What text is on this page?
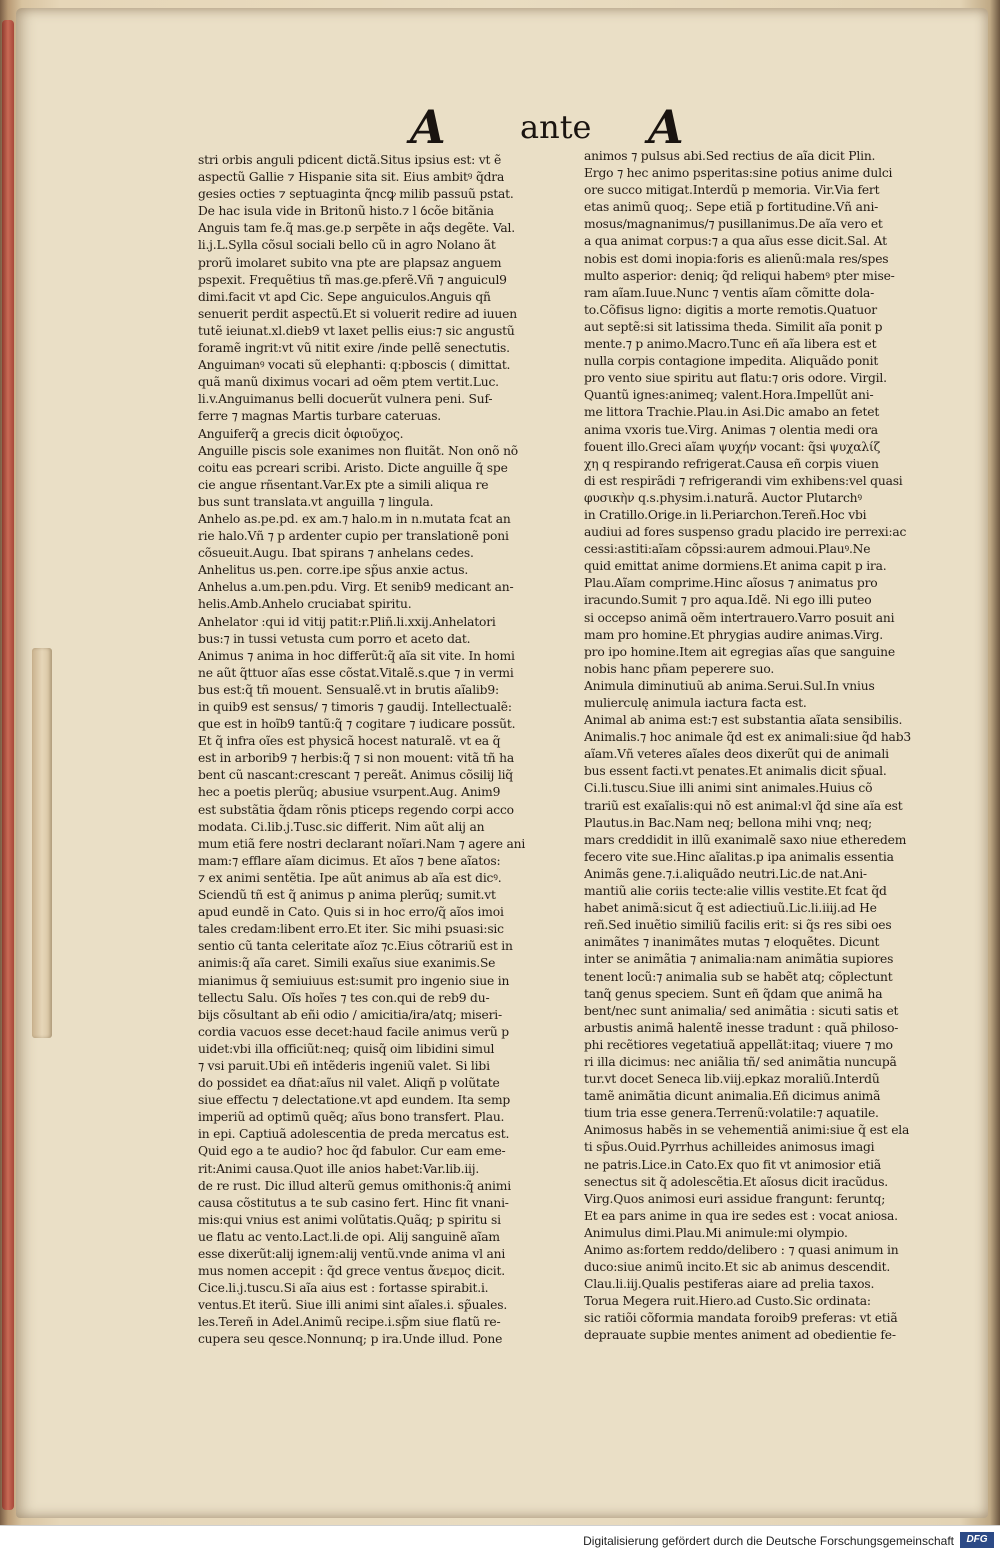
A ante A
stri orbis anguli pdicent dictã.Situs ipsius est: vt ẽ
aspectũ Gallie ⁊ Hispanie sita sit. Eius ambitꝰ q̃dra
gesies octies ⁊ septuaginta q̃ncꝙ milib passuũ pstat.
De hac isula vide in Britonũ histo.⁊ l ỽcõe bitãnia
Anguis tam fe.q̃ mas.ge.p serpẽte in aq̃s degẽte. Val.
li.j.L.Sylla cõsul sociali bello cũ in agro Nolano ãt
prorũ imolaret subito vna pte are plapsaz anguem
pspexit. Frequẽtius tñ mas.ge.pferẽ.Vñ ⁊ anguicul9
dimi.facit vt apd Cic. Sepe anguiculos.Anguis qñ
senuerit perdit aspectũ.Et si voluerit redire ad iuuen
tutẽ ieiunat.xl.dieb9 vt laxet pellis eius:⁊ sic angustũ
foramẽ ingrit:vt vũ nitit exire /inde pellẽ senectutis.
Anguimanꝰ vocati sũ elephanti: q:pboscis ( dimittat.
quã manũ diximus vocari ad oẽm ptem vertit.Luc.
li.v.Anguimanus belli docuerũt vulnera peni. Suf-
ferre ⁊ magnas Martis turbare cateruas.
Anguiferq̃ a grecis dicit ὀφιοῦχος.
Anguille piscis sole exanimes non fluitãt. Non onõ nõ
coitu eas pcreari scribi. Aristo. Dicte anguille q̃ spe
cie angue rñsentant.Var.Ex pte a simili aliqua re
bus sunt translata.vt anguilla ⁊ lingula.
Anhelo as.pe.pd. ex am.⁊ halo.m in n.mutata fcat an
rie halo.Vñ ⁊ p ardenter cupio per translationẽ poni
cõsueuit.Augu. Ibat spirans ⁊ anhelans cedes.
Anhelitus us.pen. corre.ipe sp̃us anxie actus.
Anhelus a.um.pen.pdu. Virg. Et senib9 medicant an-
helis.Amb.Anhelo cruciabat spiritu.
Anhelator :qui id vitij patit:r.Pliñ.li.xxij.Anhelatori
bus:⁊ in tussi vetusta cum porro et aceto dat.
Animus ⁊ anima in hoc differũt:q̃ aĩa sit vite. In homi
ne aũt q̃ttuor aĩas esse cõstat.Vitalẽ.s.que ⁊ in vermi
bus est:q̃ tñ mouent. Sensualẽ.vt in brutis aĩalib9:
in quib9 est sensus/ ⁊ timoris ⁊ gaudij. Intellectualẽ:
que est in hoĩb9 tantũ:q̃ ⁊ cogitare ⁊ iudicare possũt.
Et q̃ infra oĩes est physicã hocest naturalẽ. vt ea q̃
est in arborib9 ⁊ herbis:q̃ ⁊ si non mouent: vitã tñ ha
bent cũ nascant:crescant ⁊ pereãt. Animus cõsilij liq̃
hec a poetis plerũq; abusiue vsurpent.Aug. Anim9
est substãtia q̃dam rõnis pticeps regendo corpi acco
modata. Ci.lib.j.Tusc.sic differit. Nim aũt alij an
mum etiã fere nostri declarant noĩari.Nam ⁊ agere ani
mam:⁊ efflare aĩam dicimus. Et aĩos ⁊ bene aĩatos:
⁊ ex animi sentẽtia. Ipe aũt animus ab aĩa est dicꝰ.
Sciendũ tñ est q̃ animus p anima plerũq; sumit.vt
apud eundẽ in Cato. Quis si in hoc erro/q̃ aĩos imoi
tales credam:libent erro.Et iter. Sic mihi psuasi:sic
sentio cũ tanta celeritate aĩoz ⁊c.Eius cõtrariũ est in
animis:q̃ aĩa caret. Simili exaĩus siue exanimis.Se
mianimus q̃ semiuiuus est:sumit pro ingenio siue in
tellectu Salu. Oĩs hoĩes ⁊ tes con.qui de reb9 du-
bijs cõsultant ab eñi odio / amicitia/ira/atq; miseri-
cordia vacuos esse decet:haud facile animus verũ p
uidet:vbi illa officiũt:neq; quisq̃ oim libidini simul
⁊ vsi paruit.Ubi eñ intẽderis ingeniũ valet. Si libi
do possidet ea dñat:aĩus nil valet. Aliqñ p volũtate
siue effectu ⁊ delectatione.vt apd eundem. Ita semp
imperiũ ad optimũ quẽq; aĩus bono transfert. Plau.
in epi. Captiuã adolescentia de preda mercatus est.
Quid ego a te audio? hoc q̃d fabulor. Cur eam eme-
rit:Animi causa.Quot ille anios habet:Var.lib.iij.
de re rust. Dic illud alterũ gemus omithonis:q̃ animi
causa cõstitutus a te sub casino fert. Hinc fit vnani-
mis:qui vnius est animi volũtatis.Quãq; p spiritu si
ue flatu ac vento.Lact.li.de opi. Alij sanguinẽ aĩam
esse dixerũt:alij ignem:alij ventũ.vnde anima vl ani
mus nomen accepit : q̃d grece ventus ἄνεμος dicit.
Cice.li.j.tuscu.Si aĩa aius est : fortasse spirabit.i.
ventus.Et iterũ. Siue illi animi sint aĩales.i. sp̃uales.
les.Tereñ in Adel.Animũ recipe.i.sp̃m siue flatũ re-
cupera seu qesce.Nonnunq; p ira.Unde illud. Pone
animos ⁊ pulsus abi.Sed rectius de aĩa dicit Plin.
Ergo ⁊ hec animo psperitas:sine potius anime dulci
ore succo mitigat.Interdũ p memoria. Vir.Via fert
etas animũ quoq;. Sepe etiã p fortitudine.Vñ ani-
mosus/magnanimus/⁊ pusillanimus.De aĩa vero et
a qua animat corpus:⁊ a qua aĩus esse dicit.Sal. At
nobis est domi inopia:foris es alienũ:mala res/spes
multo asperior: deniq; q̃d reliqui habemꝰ pter mise-
ram aĩam.Iuue.Nunc ⁊ ventis aĩam cõmitte dola-
to.Cõfisus ligno: digitis a morte remotis.Quatuor
aut septẽ:si sit latissima theda. Similit aĩa ponit p
mente.⁊ p animo.Macro.Tunc eñ aĩa libera est et
nulla corpis contagione impedita. Aliquãdo ponit
pro vento siue spiritu aut flatu:⁊ oris odore. Virgil.
Quantũ ignes:animeq; valent.Hora.Impellũt ani-
me littora Trachie.Plau.in Asi.Dic amabo an fetet
anima vxoris tue.Virg. Animas ⁊ olentia medi ora
fouent illo.Greci aĩam ψυχήν vocant: q̃si ψυχαλίζ
χη q respirando refrigerat.Causa eñ corpis viuen
di est respirãdi ⁊ refrigerandi vim exhibens:vel quasi
φυσικὴν q.s.physim.i.naturã. Auctor Plutarchꝰ
in Cratillo.Orige.in li.Periarchon.Tereñ.Hoc vbi
audiui ad fores suspenso gradu placido ire perrexi:ac
cessi:astiti:aĩam cõpssi:aurem admoui.Plauꝰ.Ne
quid emittat anime dormiens.Et anima capit p ira.
Plau.Aĩam comprime.Hinc aĩosus ⁊ animatus pro
iracundo.Sumit ⁊ pro aqua.Idẽ. Ni ego illi puteo
si occepso animã oẽm intertrauero.Varro posuit ani
mam pro homine.Et phrygias audire animas.Virg.
pro ipo homine.Item ait egregias aĩas que sanguine
nobis hanc pñam peperere suo.
Animula diminutiuũ ab anima.Serui.Sul.In vnius
mulierculę animula iactura facta est.
Animal ab anima est:⁊ est substantia aĩata sensibilis.
Animalis.⁊ hoc animale q̃d est ex animali:siue q̃d hab3
aĩam.Vñ veteres aĩales deos dixerũt qui de animali
bus essent facti.vt penates.Et animalis dicit sp̃ual.
Ci.li.tuscu.Siue illi animi sint animales.Huius cõ
trariũ est exaĩalis:qui nõ est animal:vl q̃d sine aĩa est
Plautus.in Bac.Nam neq; bellona mihi vnq; neq;
mars creddidit in illũ exanimalẽ saxo niue etheredem
fecero vite sue.Hinc aĩalitas.p ipa animalis essentia
Animãs gene.⁊.i.aliquãdo neutri.Lic.de nat.Ani-
mantiũ alie coriis tecte:alie villis vestite.Et fcat q̃d
habet animã:sicut q̃ est adiectiuũ.Lic.li.iiij.ad He
reñ.Sed inuẽtio similiũ facilis erit: si q̃s res sibi oes
animãtes ⁊ inanimãtes mutas ⁊ eloquẽtes. Dicunt
inter se animãtia ⁊ animalia:nam animãtia supiores
tenent locũ:⁊ animalia sub se habẽt atq; cõplectunt
tanq̃ genus speciem. Sunt eñ q̃dam que animã ha
bent/nec sunt animalia/ sed animãtia : sicuti satis et
arbustis animã halentẽ inesse tradunt : quã philoso-
phi recẽtiores vegetatiuã appellãt:itaq; viuere ⁊ mo
ri illa dicimus: nec aniãlia tñ/ sed animãtia nuncupã
tur.vt docet Seneca lib.viij.epkaz moraliũ.Interdũ
tamẽ animãtia dicunt animalia.Eñ dicimus animã
tium tria esse genera.Terrenũ:volatile:⁊ aquatile.
Animosus habẽs in se vehementiã animi:siue q̃ est ela
ti sp̃us.Ouid.Pyrrhus achilleides animosus imagi
ne patris.Lice.in Cato.Ex quo fit vt animosior etiã
senectus sit q̃ adolescẽtia.Et aĩosus dicit iracũdus.
Virg.Quos animosi euri assidue frangunt: feruntq;
Et ea pars anime in qua ire sedes est : vocat aniosa.
Animulus dimi.Plau.Mi animule:mi olympio.
Animo as:fortem reddo/delibero : ⁊ quasi animum in
duco:siue animũ incito.Et sic ab animus descendit.
Clau.li.iij.Qualis pestiferas aiare ad prelia taxos.
Torua Megera ruit.Hiero.ad Custo.Sic ordinata:
sic ratiõi cõformia mandata foroib9 preferas: vt etiã
deprauate supbie mentes animent ad obedientie fe-
Digitalisierung gefördert durch die Deutsche Forschungsgemeinschaft	DFG
